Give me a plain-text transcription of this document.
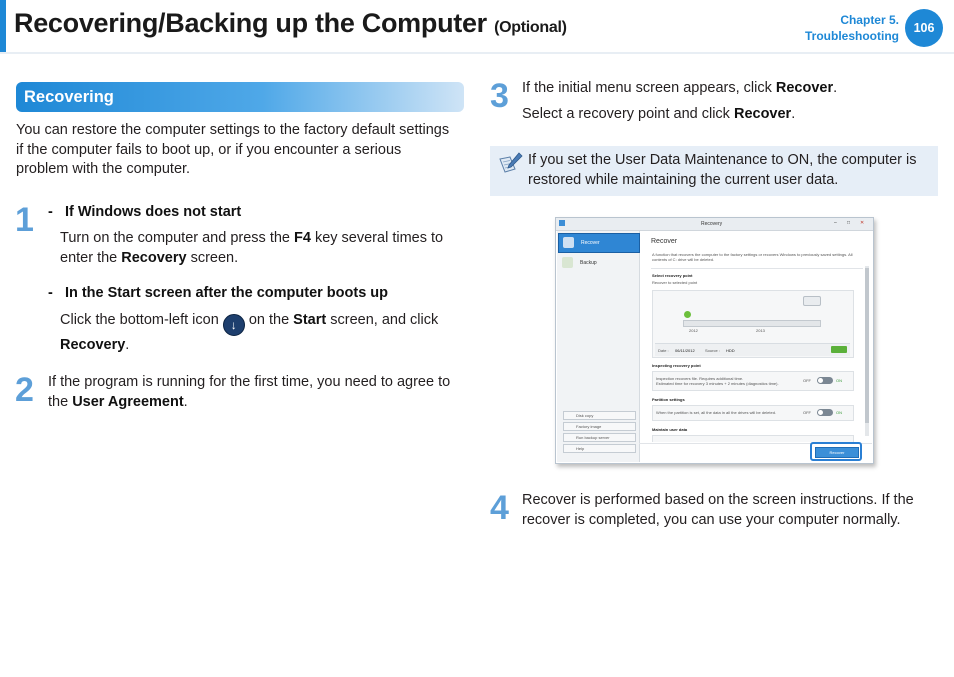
Recovering/Backing up the Computer (Optional)	Chapter 5.
Troubleshooting
106
Recovering
You can restore the computer settings to the factory default settings if the computer fails to boot up, or if you encounter a serious problem with the computer.
1 - If Windows does not start
Turn on the computer and press the F4 key several times to enter the Recovery screen.
- In the Start screen after the computer boots up
Click the bottom-left icon ↓ on the Start screen, and click Recovery.
2 If the program is running for the first time, you need to agree to the User Agreement.
3 If the initial menu screen appears, click Recover.
Select a recovery point and click Recover.
If you set the User Data Maintenance to ON, the computer is restored while maintaining the current user data.
Recovery	– □ ✕
Recover
Backup
Disk copy
Factory image
Run backup server
Help
Recover
A function that recovers the computer to the factory settings or recovers Windows to previously saved settings. All contents of C: drive will be deleted.
Select recovery point
Recover to selected point
2012	2013
Date : 06/11/2012	Source : HDD
Inspecting recovery point
Inspection recovers file. Requires additional time.
Estimated time for recovery 3 minutes + 2 minutes (diagnostics time).
OFF	ON
Partition settings
When the partition is set, all the data in all the drives will be deleted.	OFF	ON
Maintain user data
Recover
4 Recover is performed based on the screen instructions. If the recover is completed, you can use your computer normally.
